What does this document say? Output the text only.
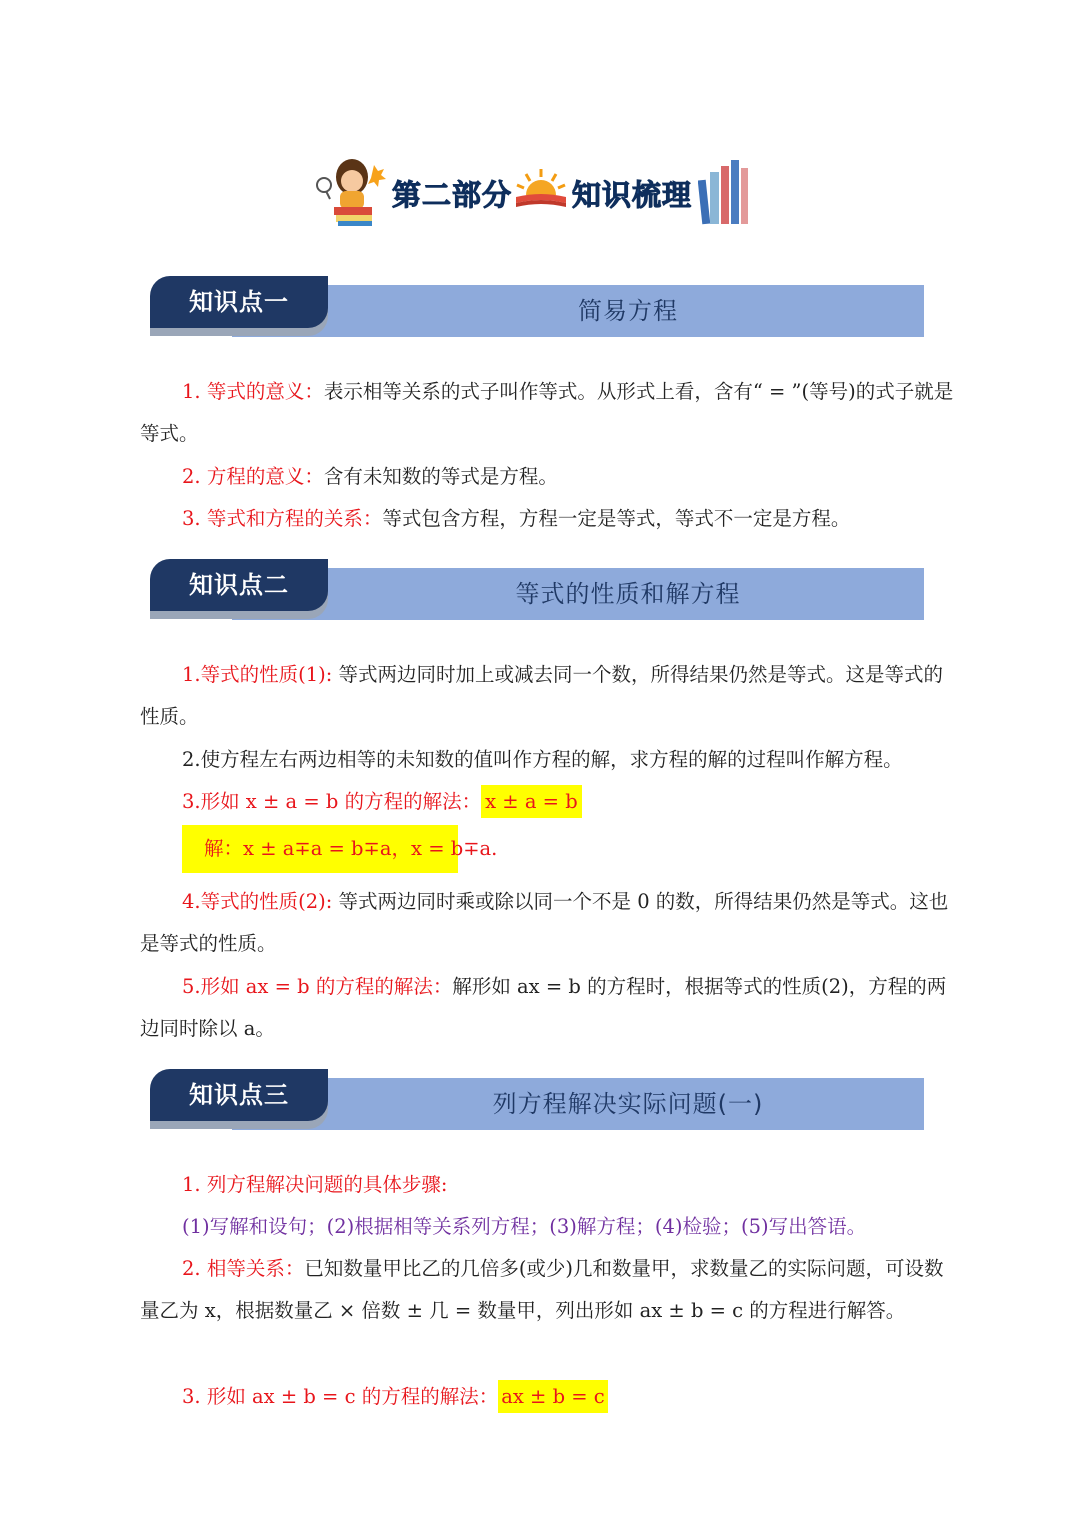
第二部分 知识梳理
简易方程
知识点一
1. 等式的意义：表示相等关系的式子叫作等式。从形式上看，含有“ = ”(等号)的式子就是等式。
2. 方程的意义：含有未知数的等式是方程。
3. 等式和方程的关系：等式包含方程，方程一定是等式，等式不一定是方程。
等式的性质和解方程
知识点二
1.等式的性质(1): 等式两边同时加上或减去同一个数，所得结果仍然是等式。这是等式的性质。
2.使方程左右两边相等的未知数的值叫作方程的解，求方程的解的过程叫作解方程。
3.形如 x ± a = b 的方程的解法： x ± a = b
解：x ± a∓a = b∓a，x = b∓a.
4.等式的性质(2): 等式两边同时乘或除以同一个不是 0 的数，所得结果仍然是等式。这也是等式的性质。
5.形如 ax = b 的方程的解法：解形如 ax = b 的方程时，根据等式的性质(2)，方程的两边同时除以 a。
列方程解决实际问题(一)
知识点三
1. 列方程解决问题的具体步骤:
(1)写解和设句；(2)根据相等关系列方程；(3)解方程；(4)检验；(5)写出答语。
2. 相等关系：已知数量甲比乙的几倍多(或少)几和数量甲，求数量乙的实际问题，可设数量乙为 x，根据数量乙 × 倍数 ± 几 = 数量甲，列出形如 ax ± b = c 的方程进行解答。
3. 形如 ax ± b = c 的方程的解法： ax ± b = c
